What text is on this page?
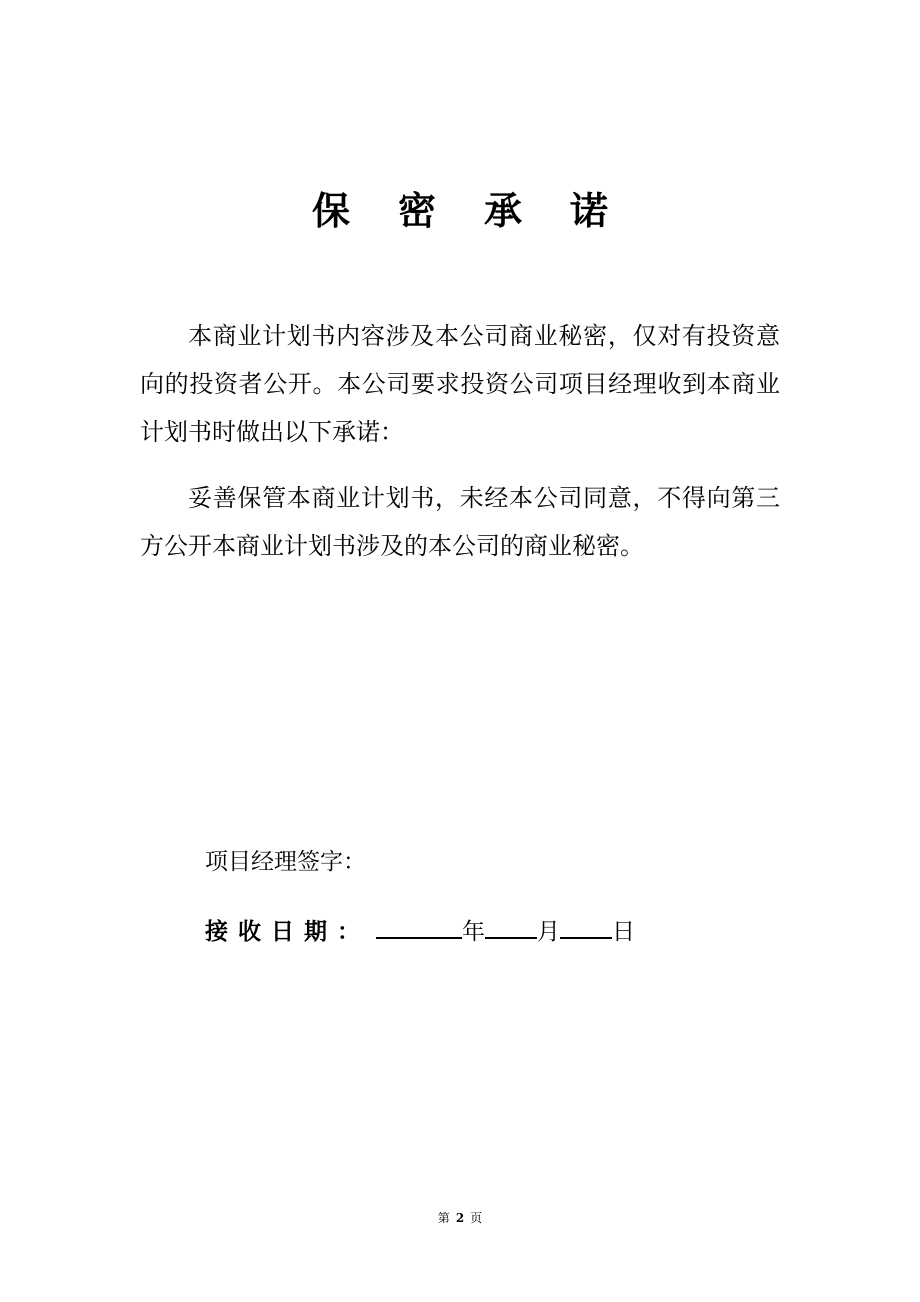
保 密 承 诺

本商业计划书内容涉及本公司商业秘密，仅对有投资意向的投资者公开。本公司要求投资公司项目经理收到本商业计划书时做出以下承诺：

妥善保管本商业计划书，未经本公司同意，不得向第三方公开本商业计划书涉及的本公司的商业秘密。

项目经理签字：

接收日期：	年 月 日
第 2 页
